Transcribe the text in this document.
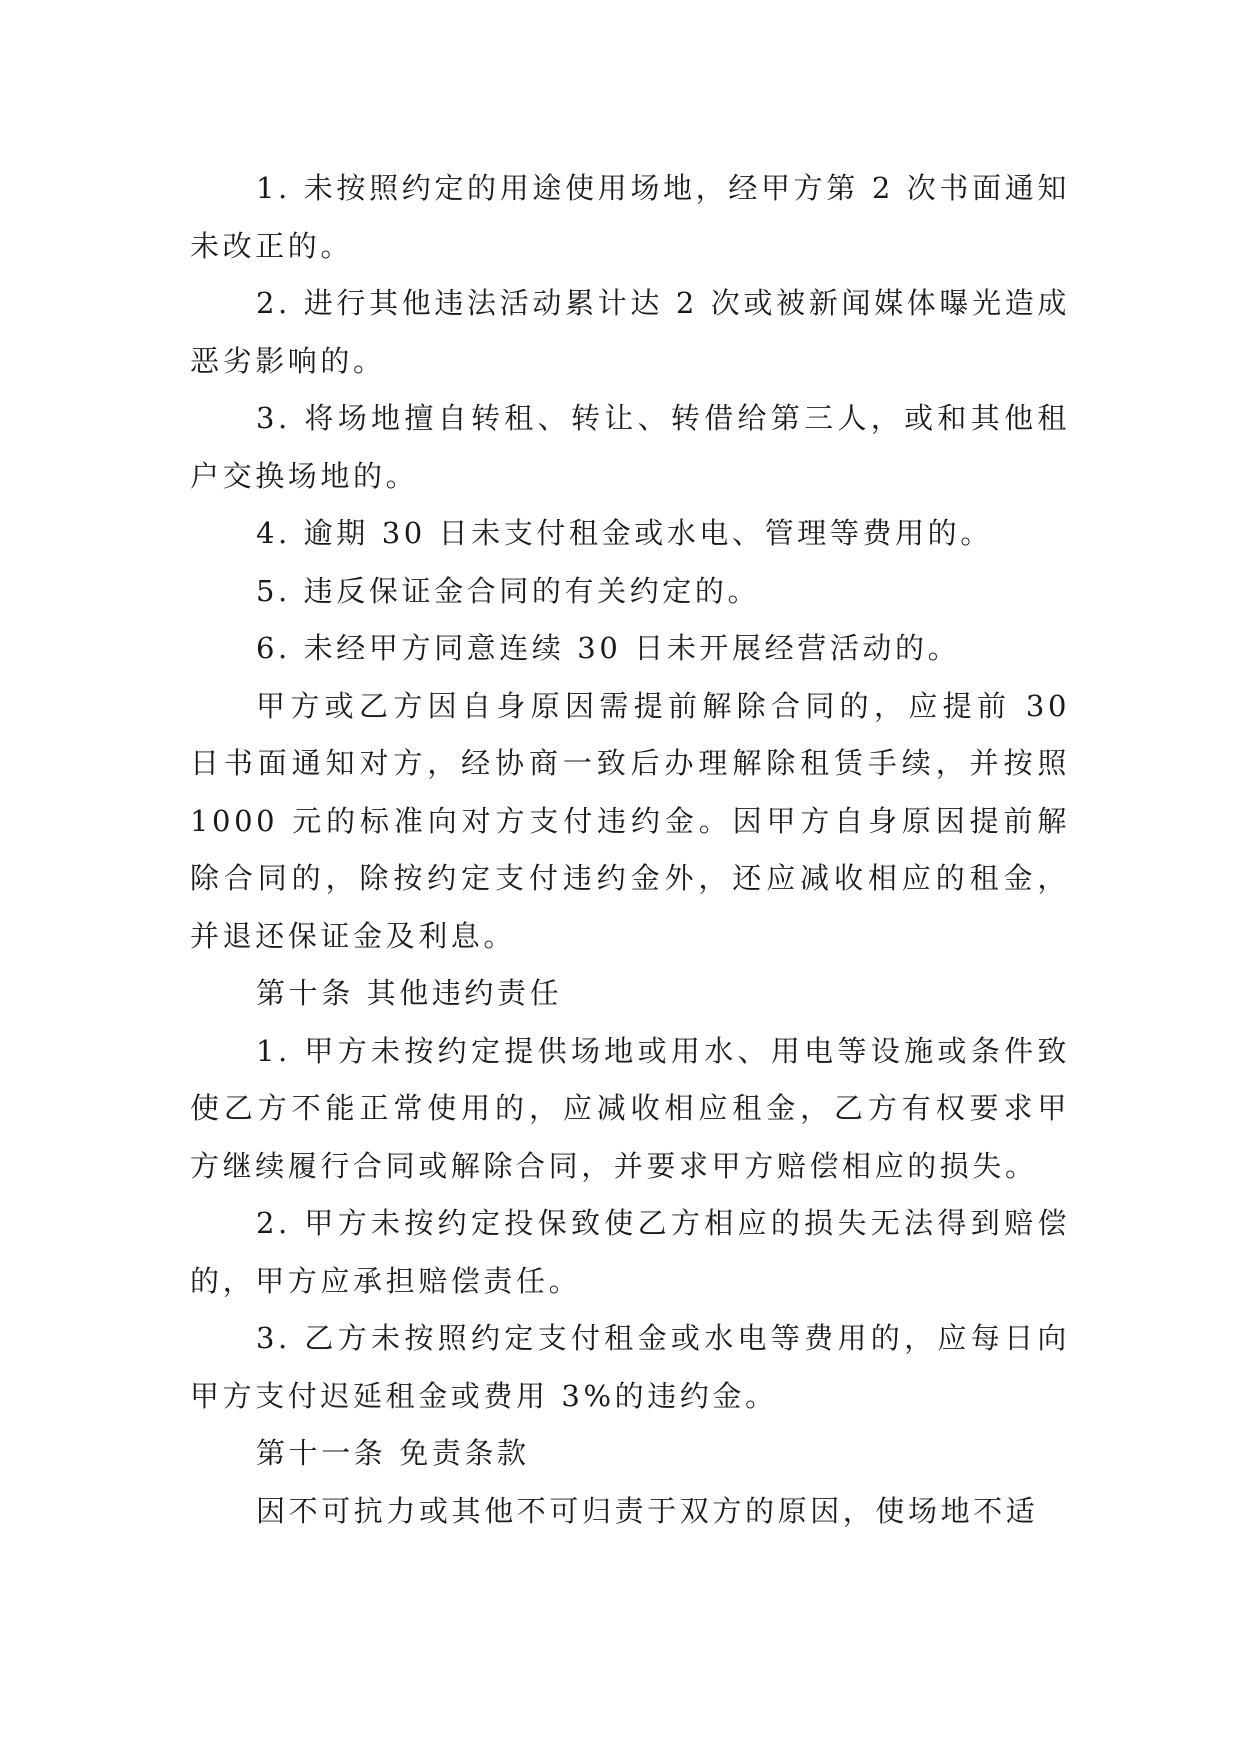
1. 未按照约定的用途使用场地，经甲方第 2 次书面通知未改正的。

2. 进行其他违法活动累计达 2 次或被新闻媒体曝光造成恶劣影响的。

3. 将场地擅自转租、转让、转借给第三人，或和其他租户交换场地的。

4. 逾期 30 日未支付租金或水电、管理等费用的。

5. 违反保证金合同的有关约定的。

6. 未经甲方同意连续 30 日未开展经营活动的。

甲方或乙方因自身原因需提前解除合同的，应提前 30 日书面通知对方，经协商一致后办理解除租赁手续，并按照 1000 元的标准向对方支付违约金。因甲方自身原因提前解除合同的，除按约定支付违约金外，还应减收相应的租金，并退还保证金及利息。

第十条 其他违约责任

1. 甲方未按约定提供场地或用水、用电等设施或条件致使乙方不能正常使用的，应减收相应租金，乙方有权要求甲方继续履行合同或解除合同，并要求甲方赔偿相应的损失。

2. 甲方未按约定投保致使乙方相应的损失无法得到赔偿的，甲方应承担赔偿责任。

3. 乙方未按照约定支付租金或水电等费用的，应每日向甲方支付迟延租金或费用 3%的违约金。

第十一条 免责条款

因不可抗力或其他不可归责于双方的原因，使场地不适
